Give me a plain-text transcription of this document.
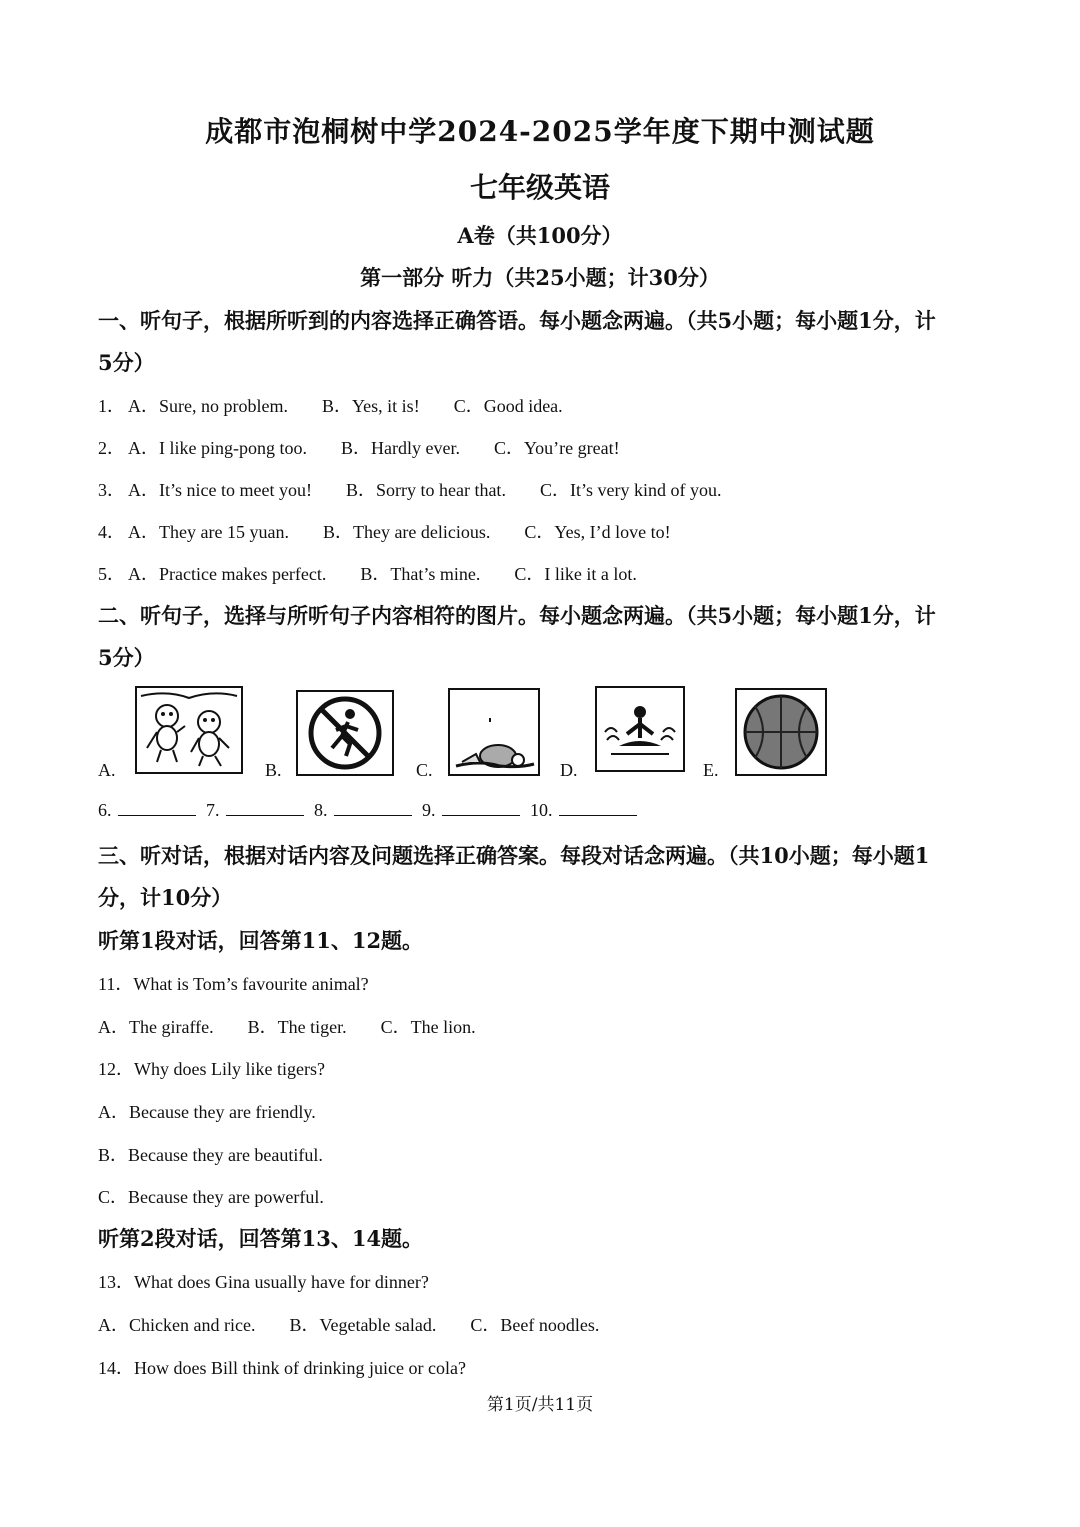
成都市泡桐树中学2024-2025学年度下期中测试题
七年级英语
A卷（共100分）
第一部分 听力（共25小题；计30分）
一、听句子，根据所听到的内容选择正确答语。每小题念两遍。（共5小题；每小题1分，计
5分）
1． A．Sure, no problem. B．Yes, it is! C．Good idea.
2． A．I like ping-pong too. B．Hardly ever. C．You’re great!
3． A．It’s nice to meet you! B．Sorry to hear that. C．It’s very kind of you.
4． A．They are 15 yuan. B．They are delicious. C．Yes, I’d love to!
5． A．Practice makes perfect. B．That’s mine. C．I like it a lot.
二、听句子，选择与所听句子内容相符的图片。每小题念两遍。（共5小题；每小题1分，计
5分）
A.	B.	C.	D.	E.
6.	7.	8.	9.	10.
三、听对话，根据对话内容及问题选择正确答案。每段对话念两遍。（共10小题；每小题1
分，计10分）
听第1段对话，回答第11、12题。
11．What is Tom’s favourite animal?
A．The giraffe. B．The tiger. C．The lion.
12．Why does Lily like tigers?
A．Because they are friendly.
B．Because they are beautiful.
C．Because they are powerful.
听第2段对话，回答第13、14题。
13．What does Gina usually have for dinner?
A．Chicken and rice. B．Vegetable salad. C．Beef noodles.
14．How does Bill think of drinking juice or cola?
第1页/共11页
